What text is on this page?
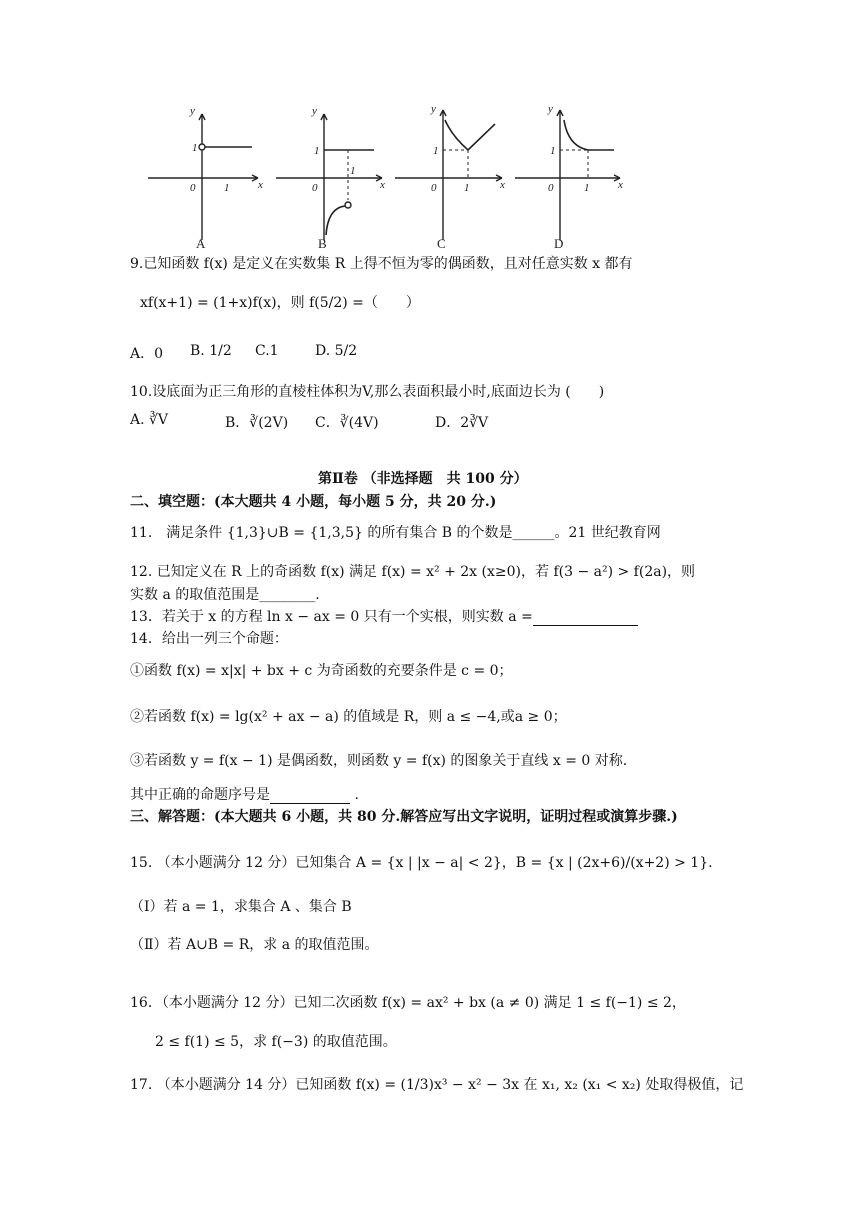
y
x
0
1
1
y
x
0
1
1
y
x
0
1
1
y
x
0
1
1
A	B	C	D
9.已知函数 f(x) 是定义在实数集 R 上得不恒为零的偶函数，且对任意实数 x 都有
xf(x+1) = (1+x)f(x)，则 f(5/2) =（　　）
A．0 B. 1/2 C.1	D. 5/2
10.设底面为正三角形的直棱柱体积为V,那么表面积最小时,底面边长为 (　　)
A. ∛V	B．∛(2V) C．∛(4V)	D．2∛V
第Ⅱ卷 （非选择题　共 100 分）
二、填空题：(本大题共 4 小题，每小题 5 分，共 20 分.)
11.　满足条件 {1,3}∪B = {1,3,5} 的所有集合 B 的个数是______。21 世纪教育网
12. 已知定义在 R 上的奇函数 f(x) 满足 f(x) = x² + 2x (x≥0)，若 f(3 − a²) > f(2a)，则
实数 a 的取值范围是________.
13．若关于 x 的方程 ln x − ax = 0 只有一个实根，则实数 a =
14．给出一列三个命题：
①函数 f(x) = x|x| + bx + c 为奇函数的充要条件是 c = 0；
②若函数 f(x) = lg(x² + ax − a) 的值域是 R，则 a ≤ −4,或a ≥ 0；
③若函数 y = f(x − 1) 是偶函数，则函数 y = f(x) 的图象关于直线 x = 0 对称.
其中正确的命题序号是	.
三、解答题：(本大题共 6 小题，共 80 分.解答应写出文字说明，证明过程或演算步骤.)
15. （本小题满分 12 分）已知集合 A = {x | |x − a| < 2}，B = {x | (2x+6)/(x+2) > 1}.
（Ⅰ）若 a = 1，求集合 A 、集合 B
（Ⅱ）若 A∪B = R，求 a 的取值范围。
16．（本小题满分 12 分）已知二次函数 f(x) = ax² + bx (a ≠ 0) 满足 1 ≤ f(−1) ≤ 2，
2 ≤ f(1) ≤ 5，求 f(−3) 的取值范围。
17. （本小题满分 14 分）已知函数 f(x) = (1/3)x³ − x² − 3x 在 x₁, x₂ (x₁ < x₂) 处取得极值，记
